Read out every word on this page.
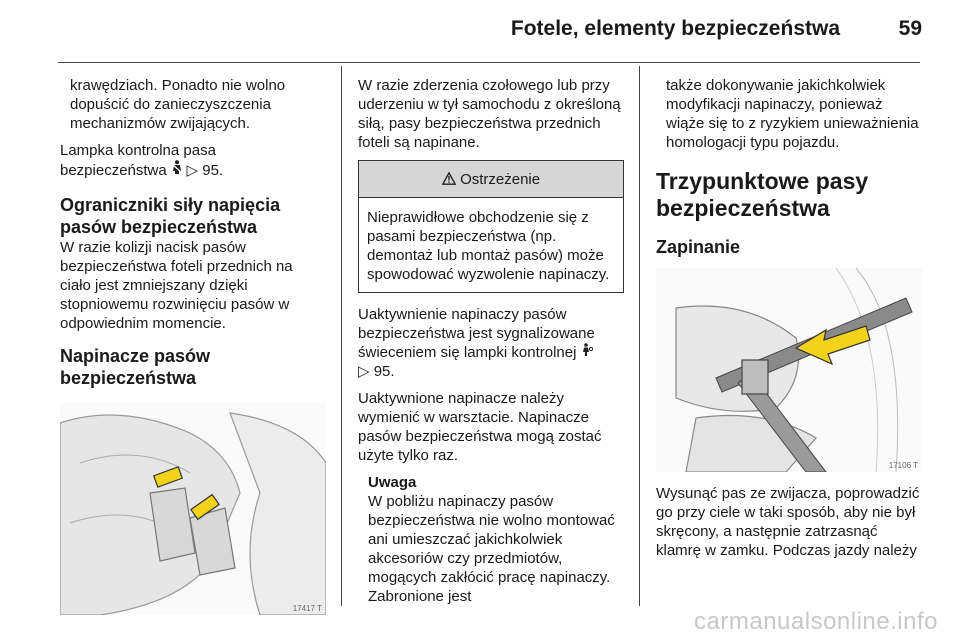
Fotele, elementy bezpieczeństwa	59

krawędziach. Ponadto nie wolno dopuścić do zanieczyszczenia mechanizmów zwijających.

Lampka kontrolna pasa bezpieczeństwa ▷ 95.

Ograniczniki siły napięcia pasów bezpieczeństwa

W razie kolizji nacisk pasów bezpieczeństwa foteli przednich na ciało jest zmniejszany dzięki stopniowemu rozwinięciu pasów w odpowiednim momencie.

Napinacze pasów bezpieczeństwa
17417 T

W razie zderzenia czołowego lub przy uderzeniu w tył samochodu z określoną siłą, pasy bezpieczeństwa przednich foteli są napinane.

Ostrzeżenie

Nieprawidłowe obchodzenie się z pasami bezpieczeństwa (np. demontaż lub montaż pasów) może spowodować wyzwolenie napinaczy.

Uaktywnienie napinaczy pasów bezpieczeństwa jest sygnalizowane świeceniem się lampki kontrolnej
▷ 95.

Uaktywnione napinacze należy wymienić w warsztacie. Napinacze pasów bezpieczeństwa mogą zostać użyte tylko raz.

Uwaga

W pobliżu napinaczy pasów bezpieczeństwa nie wolno montować ani umieszczać jakichkolwiek akcesoriów czy przedmiotów, mogących zakłócić pracę napinaczy. Zabronione jest

także dokonywanie jakichkolwiek modyfikacji napinaczy, ponieważ wiąże się to z ryzykiem unieważnienia homologacji typu pojazdu.

Trzypunktowe pasy bezpieczeństwa
Zapinanie
17106 T

Wysunąć pas ze zwijacza, poprowadzić go przy ciele w taki sposób, aby nie był skręcony, a następnie zatrzasnąć klamrę w zamku. Podczas jazdy należy

carmanualsonline.info
